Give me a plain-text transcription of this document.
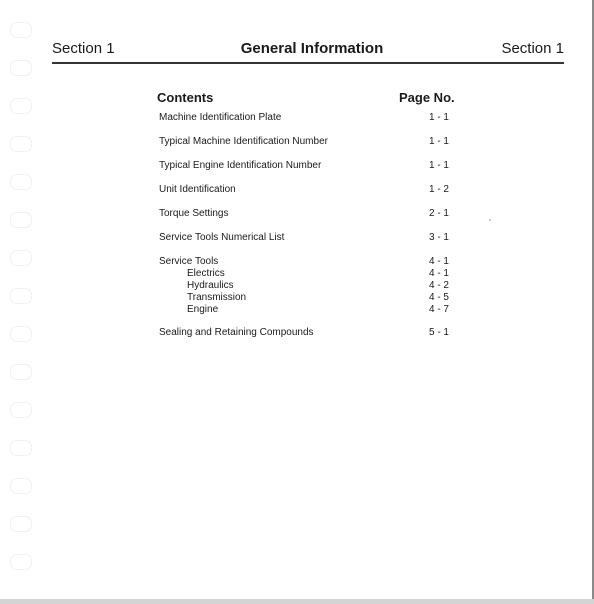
Section 1	General Information	Section 1
Contents	Page No.
Machine Identification Plate	1 - 1
Typical Machine Identification Number	1 - 1
Typical Engine Identification Number	1 - 1
Unit Identification	1 - 2
Torque Settings	2 - 1
Service Tools Numerical List	3 - 1
Service Tools	4 - 1
Electrics	4 - 1
Hydraulics	4 - 2
Transmission	4 - 5
Engine	4 - 7
Sealing and Retaining Compounds	5 - 1
